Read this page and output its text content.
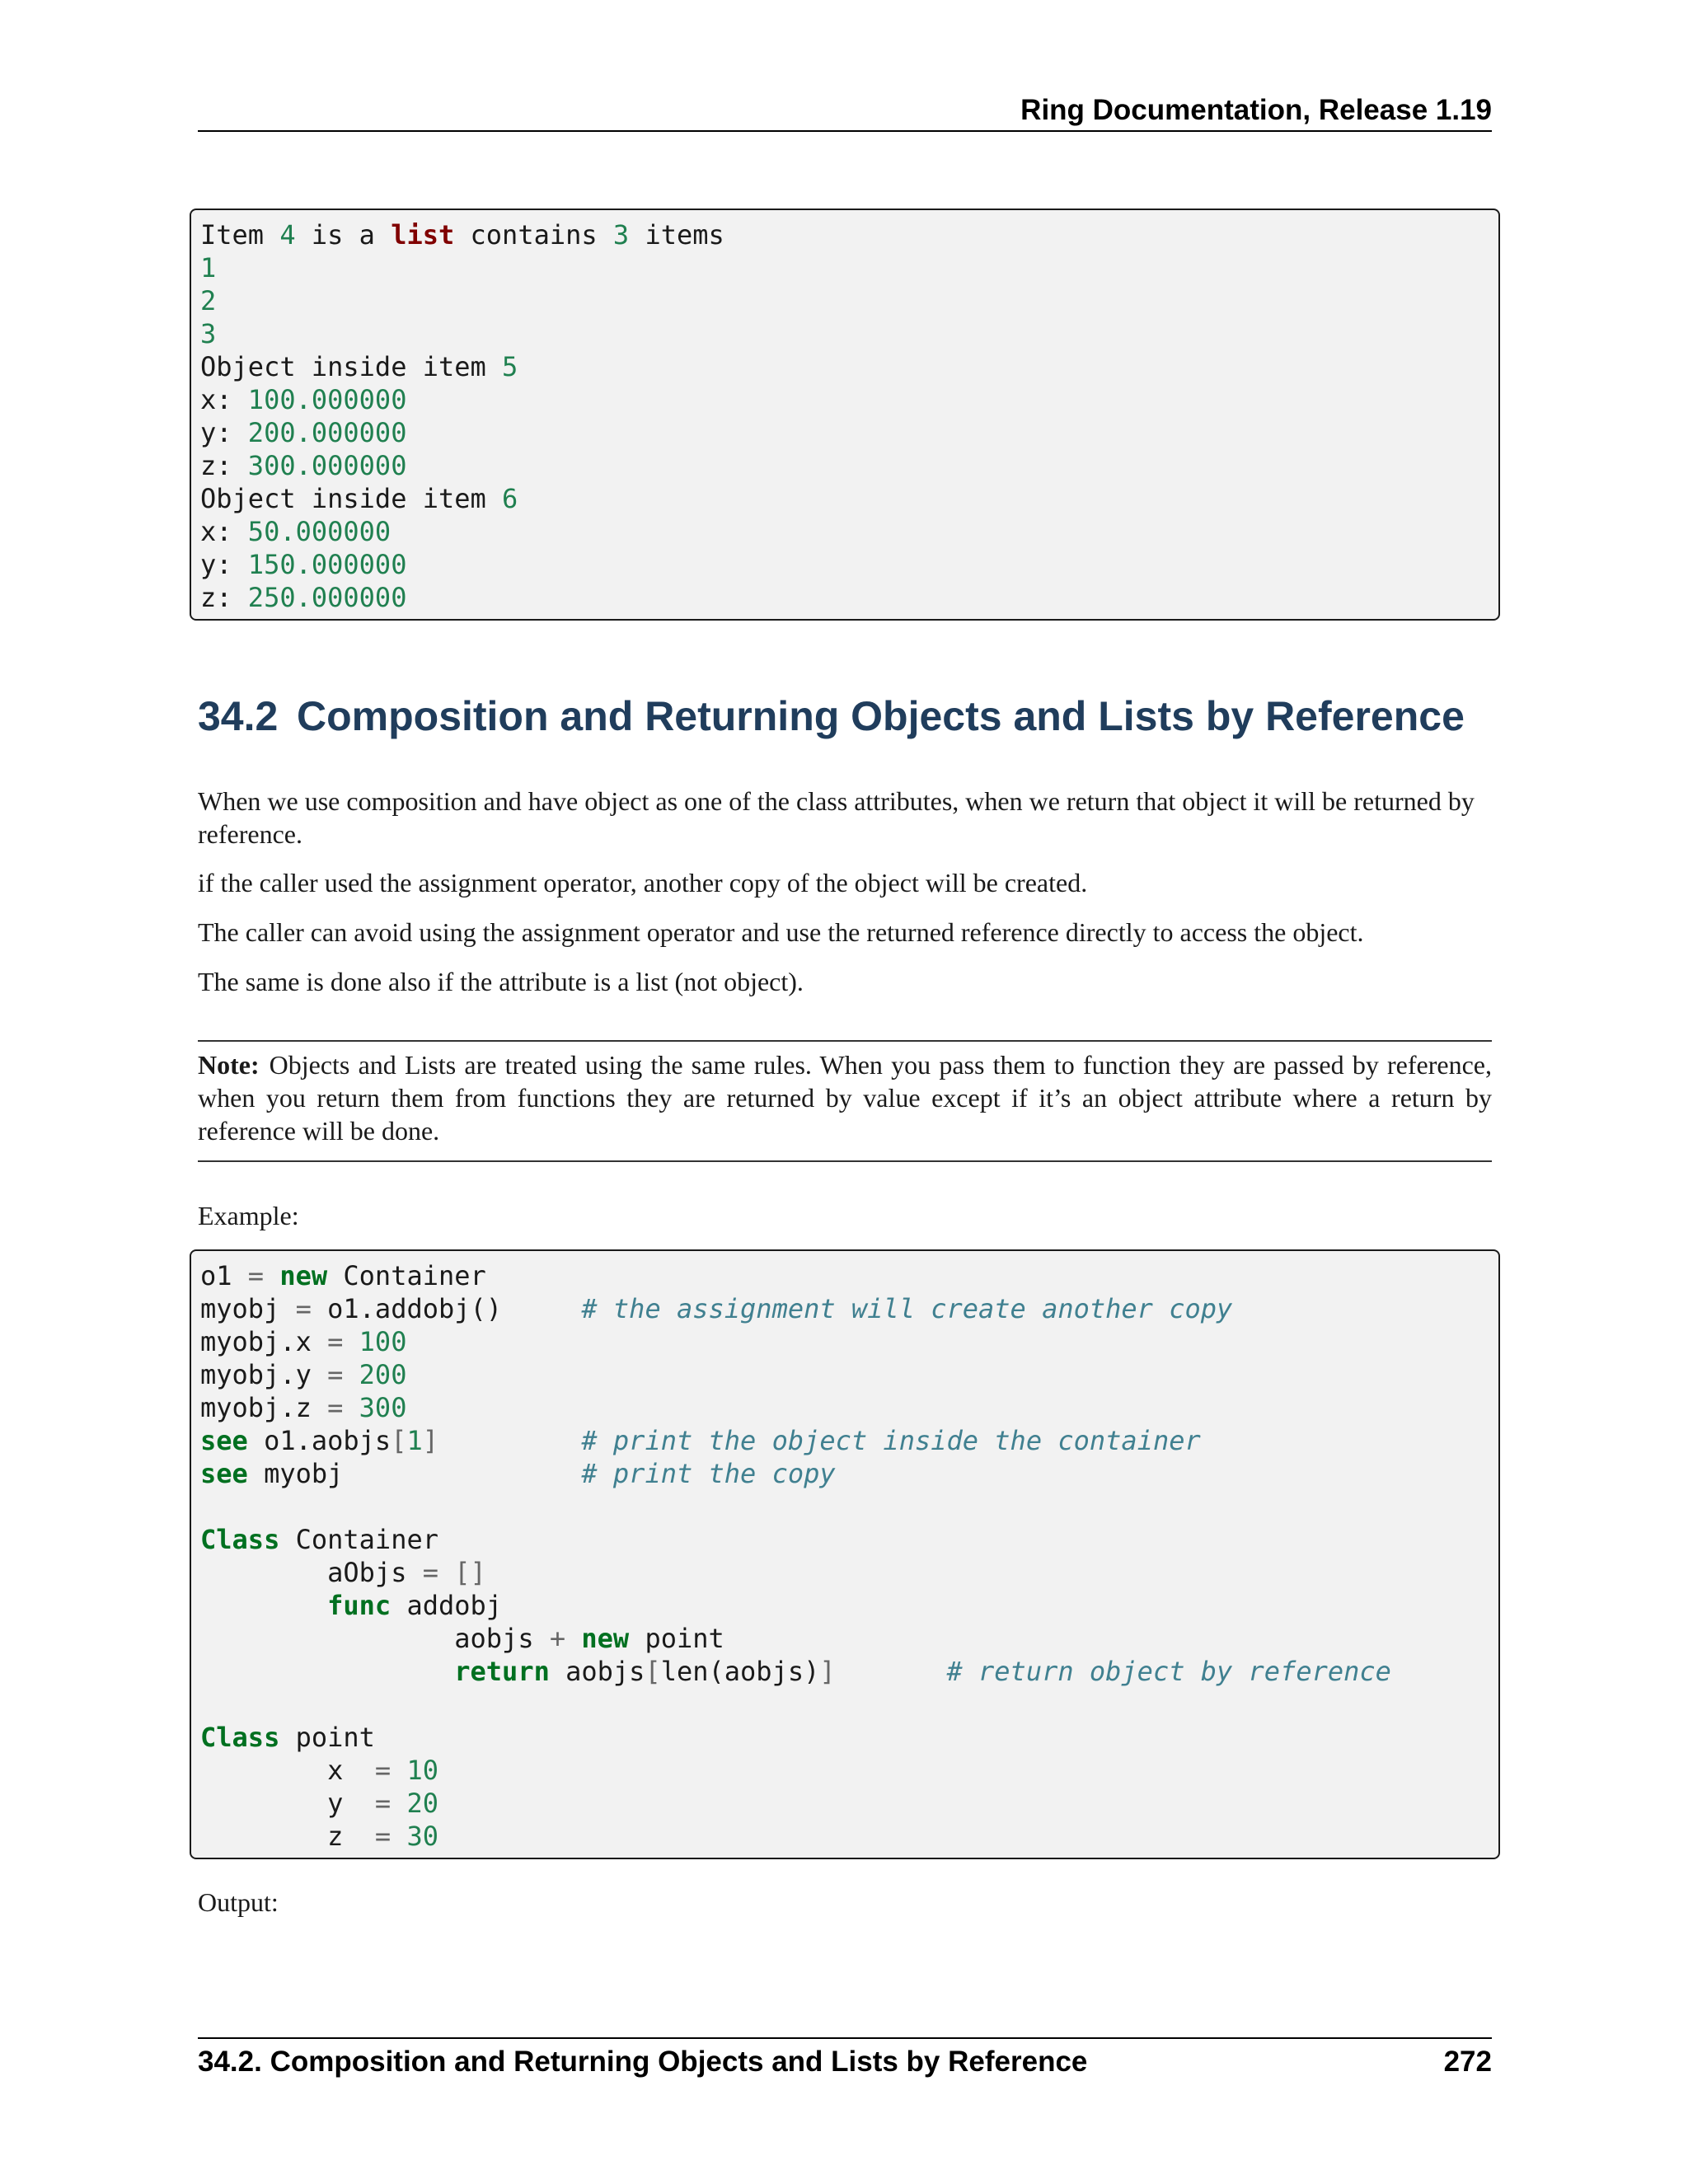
Ring Documentation, Release 1.19
Item 4 is a list contains 3 items
1
2
3
Object inside item 5
x: 100.000000
y: 200.000000
z: 300.000000
Object inside item 6
x: 50.000000
y: 150.000000
z: 250.000000
34.2 Composition and Returning Objects and Lists by Reference
When we use composition and have object as one of the class attributes, when we return that object it will be returned by reference.
if the caller used the assignment operator, another copy of the object will be created.
The caller can avoid using the assignment operator and use the returned reference directly to access the object.
The same is done also if the attribute is a list (not object).
Note: Objects and Lists are treated using the same rules. When you pass them to function they are passed by reference, when you return them from functions they are returned by value except if it’s an object attribute where a return by reference will be done.
Example:
o1 = new Container
myobj = o1.addobj()     # the assignment will create another copy
myobj.x = 100
myobj.y = 200
myobj.z = 300
see o1.aobjs[1]	# print the object inside the container
see myobj               # print the copy
Class Container
aObjs = []
func addobj
aobjs + new point
return aobjs[len(aobjs)]	# return object by reference
Class point
x  = 10
y  = 20
z  = 30
Output:
34.2. Composition and Returning Objects and Lists by Reference	272
